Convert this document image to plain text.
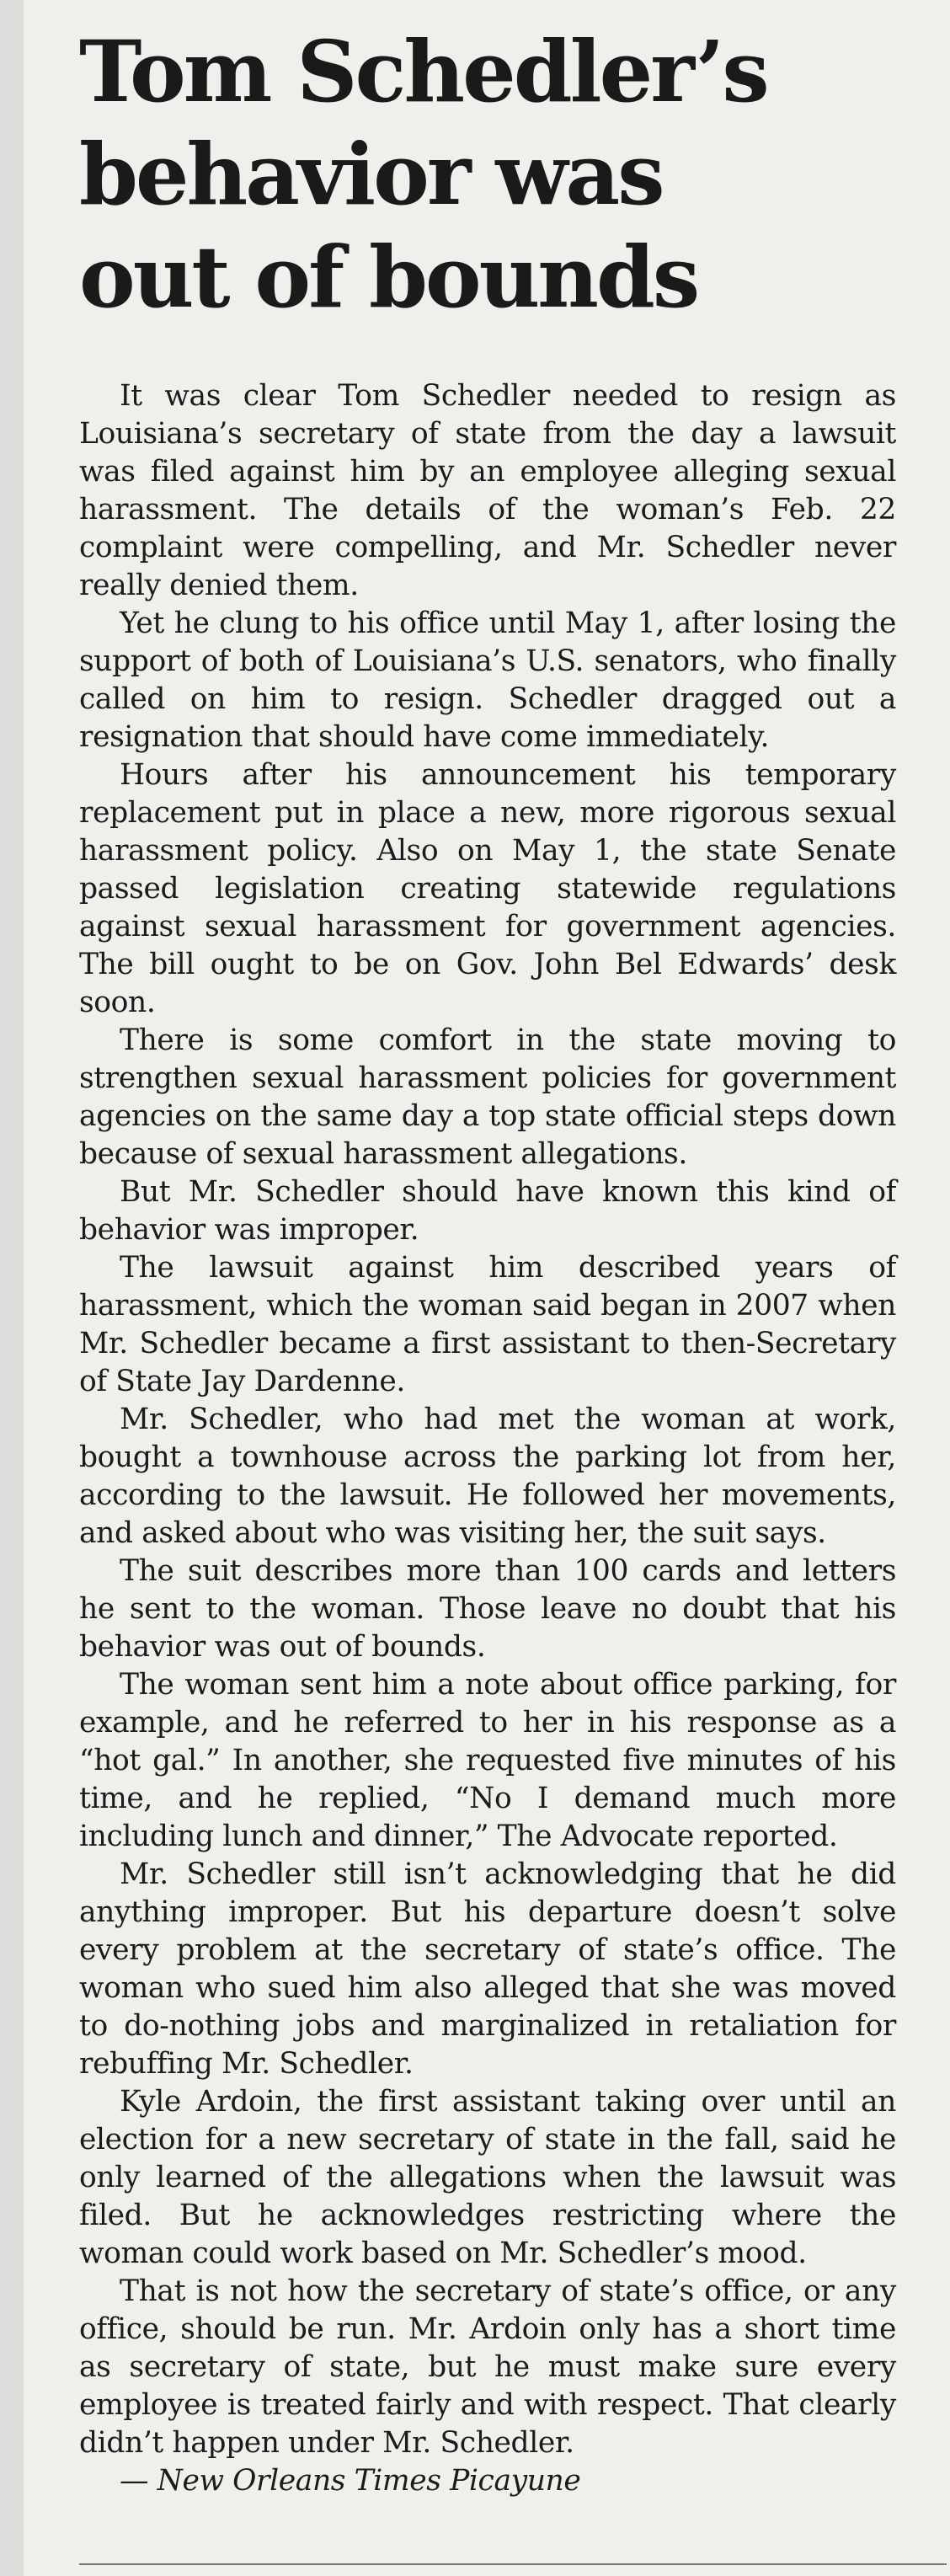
Tom Schedler’s
behavior was
out of bounds

It was clear Tom Schedler needed to resign as Louisiana’s secretary of state from the day a lawsuit was filed against him by an employee alleging sexual harassment. The details of the woman’s Feb. 22 complaint were compelling, and Mr. Schedler never really denied them.

Yet he clung to his office until May 1, after losing the support of both of Louisiana’s U.S. senators, who finally called on him to resign. Schedler dragged out a resignation that should have come immediately.

Hours after his announcement his temporary replacement put in place a new, more rigorous sexual harassment policy. Also on May 1, the state Senate passed legislation creating statewide regulations against sexual harassment for government agencies. The bill ought to be on Gov. John Bel Edwards’ desk soon.

There is some comfort in the state moving to strengthen sexual harassment policies for government agencies on the same day a top state official steps down because of sexual harassment allegations.

But Mr. Schedler should have known this kind of behavior was improper.

The lawsuit against him described years of harassment, which the woman said began in 2007 when Mr. Schedler became a first assistant to then-Secretary of State Jay Dardenne.

Mr. Schedler, who had met the woman at work, bought a townhouse across the parking lot from her, according to the lawsuit. He followed her movements, and asked about who was visiting her, the suit says.

The suit describes more than 100 cards and letters he sent to the woman. Those leave no doubt that his behavior was out of bounds.

The woman sent him a note about office parking, for example, and he referred to her in his response as a “hot gal.” In another, she requested five minutes of his time, and he replied, “No I demand much more including lunch and dinner,” The Advocate reported.

Mr. Schedler still isn’t acknowledging that he did anything improper. But his departure doesn’t solve every problem at the secretary of state’s office. The woman who sued him also alleged that she was moved to do-nothing jobs and marginalized in retaliation for rebuffing Mr. Schedler.

Kyle Ardoin, the first assistant taking over until an election for a new secretary of state in the fall, said he only learned of the allegations when the lawsuit was filed. But he acknowledges restricting where the woman could work based on Mr. Schedler’s mood.

That is not how the secretary of state’s office, or any office, should be run. Mr. Ardoin only has a short time as secretary of state, but he must make sure every employee is treated fairly and with respect. That clearly didn’t happen under Mr. Schedler.

— New Orleans Times Picayune
